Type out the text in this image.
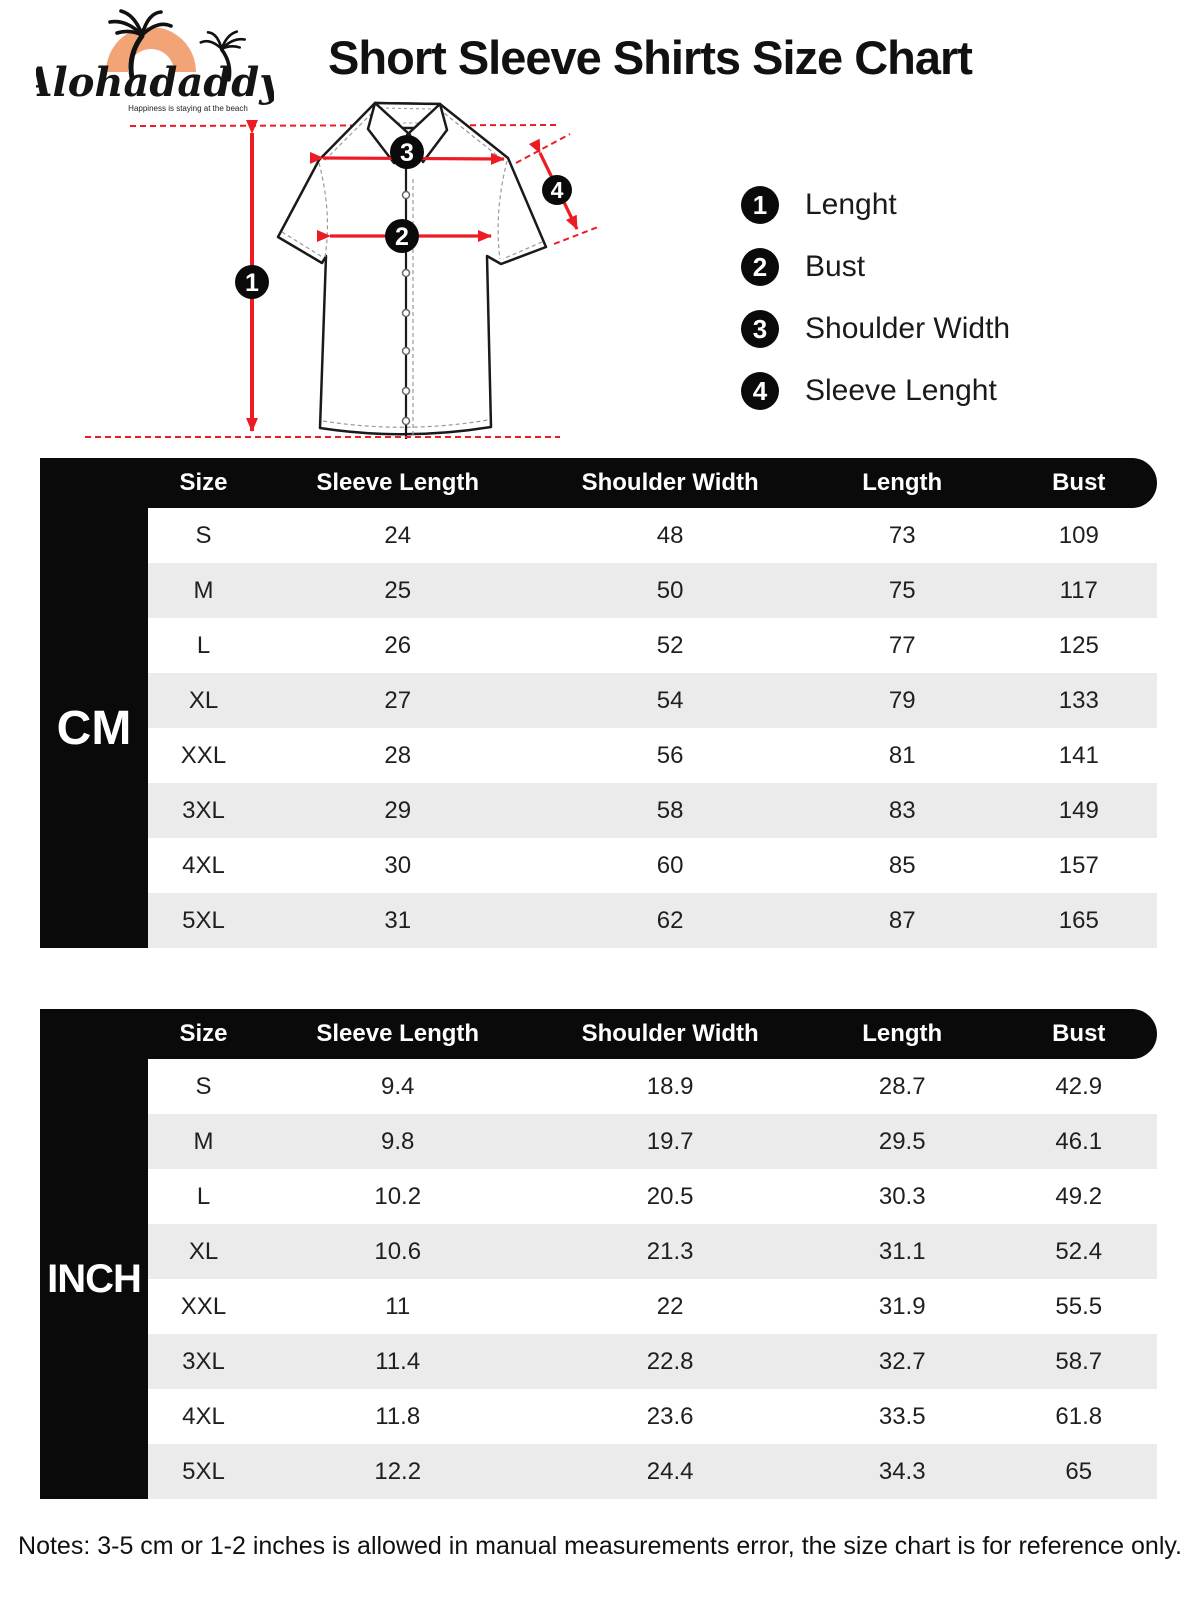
Alohadaddy
Happiness is staying at the beach
Short Sleeve Shirts Size Chart
1
2
3
4	1	Lenght
2	Bust
3	Shoulder Width
4	Sleeve Lenght
Size	Sleeve Length	Shoulder Width	Length	Bust
CM
S	24	48	73	109
M	25	50	75	117
L	26	52	77	125
XL	27	54	79	133
XXL	28	56	81	141
3XL	29	58	83	149
4XL	30	60	85	157
5XL	31	62	87	165
Size	Sleeve Length	Shoulder Width	Length	Bust
INCH
S	9.4	18.9	28.7	42.9
M	9.8	19.7	29.5	46.1
L	10.2	20.5	30.3	49.2
XL	10.6	21.3	31.1	52.4
XXL	11	22	31.9	55.5
3XL	11.4	22.8	32.7	58.7
4XL	11.8	23.6	33.5	61.8
5XL	12.2	24.4	34.3	65

Notes: 3-5 cm or 1-2 inches is allowed in manual measurements error, the size chart is for reference only.
